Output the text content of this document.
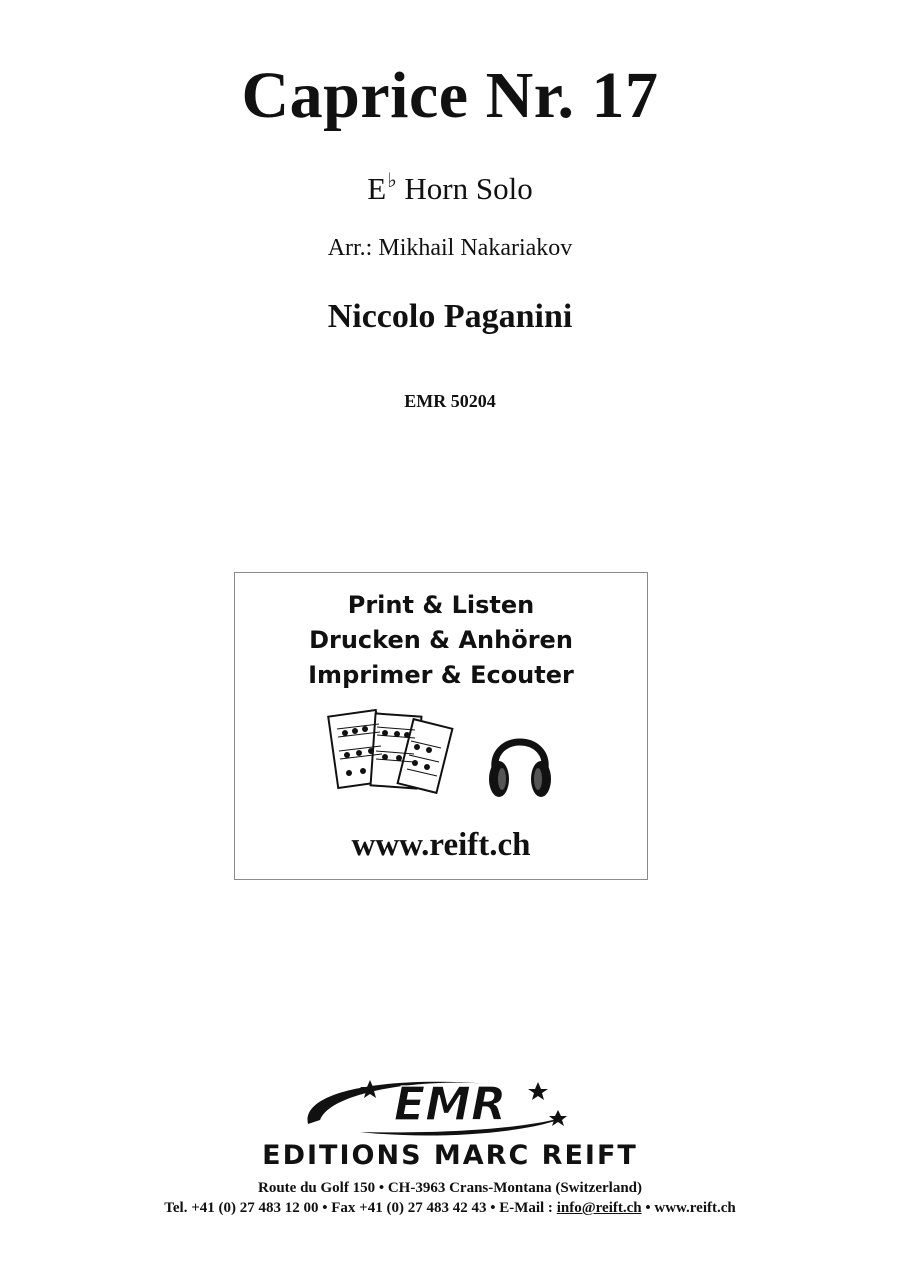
Caprice Nr. 17
E♭ Horn Solo
Arr.: Mikhail Nakariakov
Niccolo Paganini
EMR 50204
Print & Listen
Drucken & Anhören
Imprimer & Ecouter
www.reift.ch
EMR
EDITIONS MARC REIFT
Route du Golf 150 • CH-3963 Crans-Montana (Switzerland)
Tel. +41 (0) 27 483 12 00 • Fax +41 (0) 27 483 42 43 • E-Mail : info@reift.ch • www.reift.ch
